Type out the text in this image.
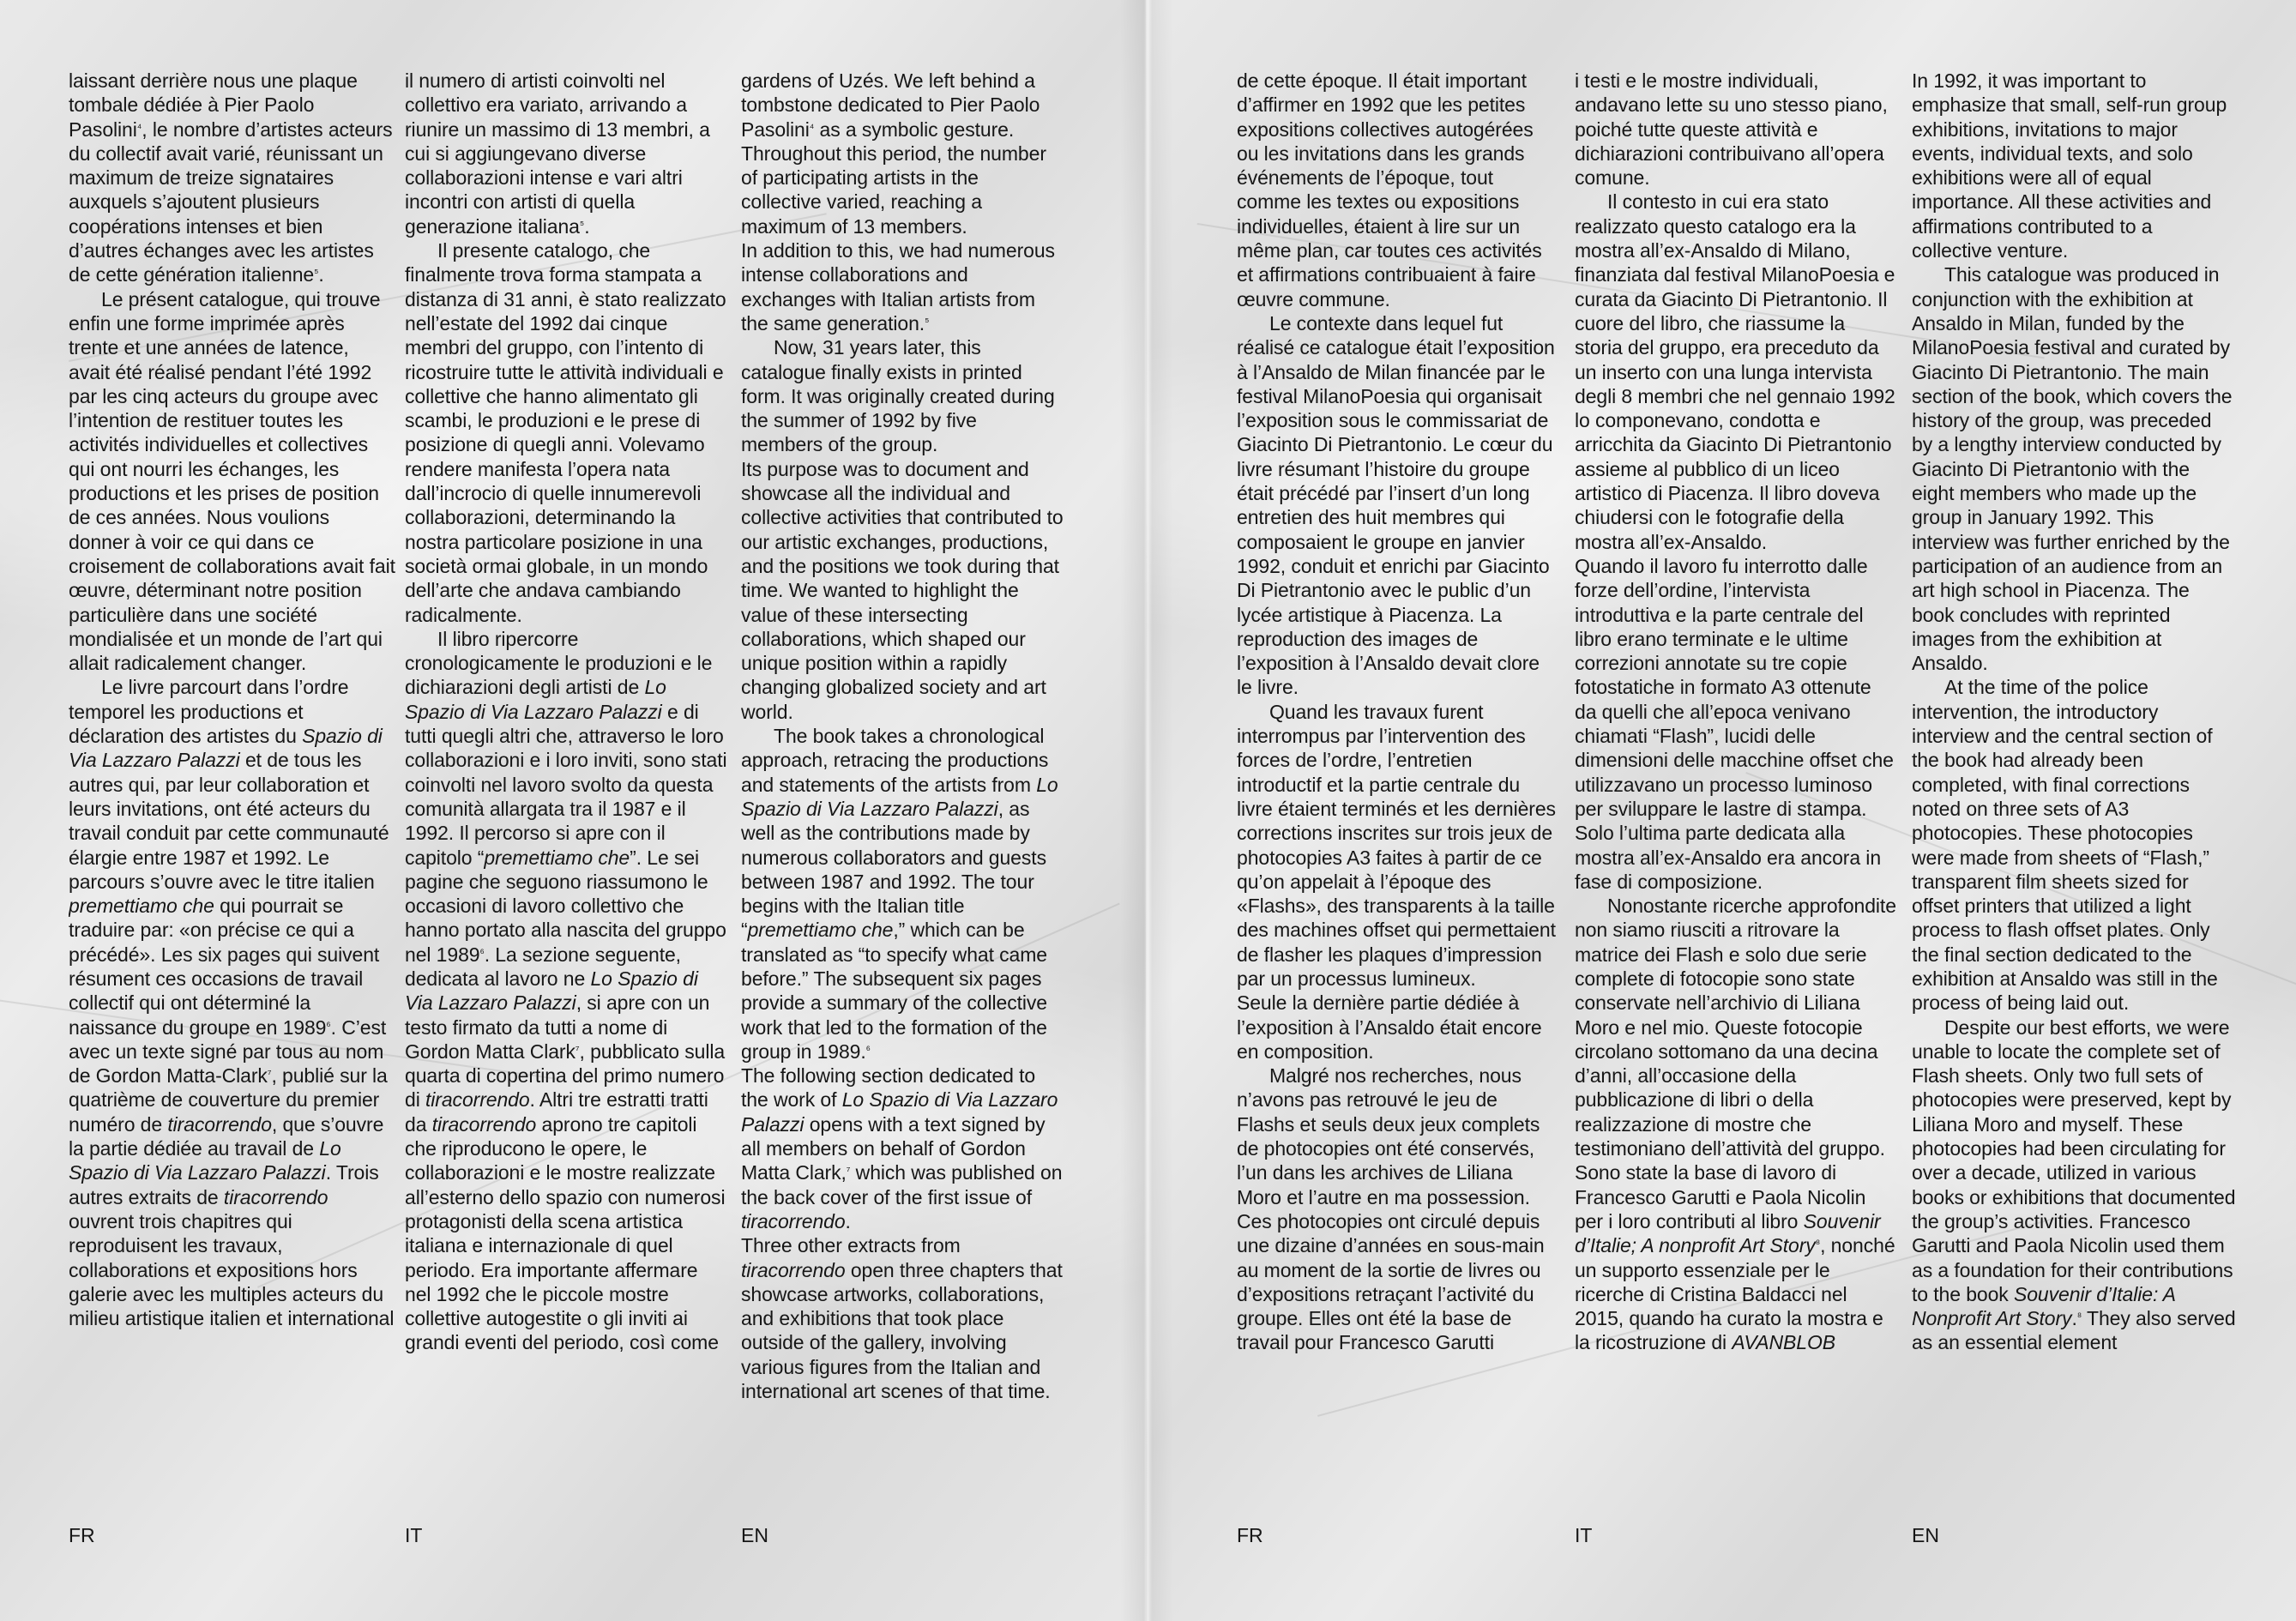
laissant derrière nous une plaque tombale dédiée à Pier Paolo Pasolini$^{^4}$, le nombre d’artistes acteurs du collectif avait varié, réunissant un maximum de treize signataires auxquels s’ajoutent plusieurs coopérations intenses et bien d’autres échanges avec les artistes de cette génération italienne$^{^5}$.

Le présent catalogue, qui trouve enfin une forme imprimée après trente et une années de latence, avait été réalisé pendant l’été 1992 par les cinq acteurs du groupe avec l’intention de restituer toutes les activités individuelles et collectives qui ont nourri les échanges, les productions et les prises de position de ces années. Nous voulions donner à voir ce qui dans ce croisement de collaborations avait fait œuvre, déterminant notre position particulière dans une société mondialisée et un monde de l’art qui allait radicalement changer.

Le livre parcourt dans l’ordre temporel les productions et déclaration des artistes du Spazio di Via Lazzaro Palazzi et de tous les autres qui, par leur collaboration et leurs invitations, ont été acteurs du travail conduit par cette communauté élargie entre 1987 et 1992. Le parcours s’ouvre avec le titre italien premettiamo che qui pourrait se traduire par: «on précise ce qui a précédé». Les six pages qui suivent résument ces occasions de travail collectif qui ont déterminé la naissance du groupe en $1989^{^6}$. C’est avec un texte signé par tous au nom de Gordon Matta-Clark$^{^7}$, publié sur la quatrième de couverture du premier numéro de tiracorrendo, que s’ouvre la partie dédiée au travail de Lo Spazio di Via Lazzaro Palazzi. Trois autres extraits de tiracorrendo ouvrent trois chapitres qui reproduisent les travaux, collaborations et expositions hors galerie avec les multiples acteurs du milieu artistique italien et international

il numero di artisti coinvolti nel collettivo era variato, arrivando a riunire un massimo di 13 membri, a cui si aggiungevano diverse collaborazioni intense e vari altri incontri con artisti di quella generazione italiana$^{^5}$.

Il presente catalogo, che finalmente trova forma stampata a distanza di 31 anni, è stato realizzato nell’estate del 1992 dai cinque membri del gruppo, con l’intento di ricostruire tutte le attività individuali e collettive che hanno alimentato gli scambi, le produzioni e le prese di posizione di quegli anni. Volevamo rendere manifesta l’opera nata dall’incrocio di quelle innumerevoli collaborazioni, determinando la nostra particolare posizione in una società ormai globale, in un mondo dell’arte che andava cambiando radicalmente.

Il libro ripercorre cronologicamente le produzioni e le dichiarazioni degli artisti de Lo Spazio di Via Lazzaro Palazzi e di tutti quegli altri che, attraverso le loro collaborazioni e i loro inviti, sono stati coinvolti nel lavoro svolto da questa comunità allargata tra il 1987 e il 1992. Il percorso si apre con il capitolo “premettiamo che”. Le sei pagine che seguono riassumono le occasioni di lavoro collettivo che hanno portato alla nascita del gruppo nel $1989^{^6}$. La sezione seguente, dedicata al lavoro ne Lo Spazio di Via Lazzaro Palazzi, si apre con un testo firmato da tutti a nome di Gordon Matta Clark$^{^7}$, pubblicato sulla quarta di copertina del primo numero di tiracorrendo. Altri tre estratti tratti da tiracorrendo aprono tre capitoli che riproducono le opere, le collaborazioni e le mostre realizzate all’esterno dello spazio con numerosi protagonisti della scena artistica italiana e internazionale di quel periodo. Era importante affermare nel 1992 che le piccole mostre collettive autogestite o gli inviti ai grandi eventi del periodo, così come

gardens of Uzés. We left behind a tombstone dedicated to Pier Paolo Pasolini$^{^4}$ as a symbolic gesture. Throughout this period, the number of participating artists in the collective varied, reaching a maximum of 13 members.

In addition to this, we had numerous intense collaborations and exchanges with Italian artists from the same generation.$^{^5}$

Now, 31 years later, this catalogue finally exists in printed form. It was originally created during the summer of 1992 by five members of the group.

Its purpose was to document and showcase all the individual and collective activities that contributed to our artistic exchanges, productions, and the positions we took during that time. We wanted to highlight the value of these intersecting collaborations, which shaped our unique position within a rapidly changing globalized society and art world.

The book takes a chronological approach, retracing the productions and statements of the artists from Lo Spazio di Via Lazzaro Palazzi, as well as the contributions made by numerous collaborators and guests between 1987 and 1992. The tour begins with the Italian title “premettiamo che,” which can be translated as “to specify what came before.” The subsequent six pages provide a summary of the collective work that led to the formation of the group in 1989.$^{^6}$

The following section dedicated to the work of Lo Spazio di Via Lazzaro Palazzi opens with a text signed by all members on behalf of Gordon Matta Clark,$^{^7}$ which was published on the back cover of the first issue of tiracorrendo.

Three other extracts from tiracorrendo open three chapters that showcase artworks, collaborations, and exhibitions that took place outside of the gallery, involving various figures from the Italian and international art scenes of that time.

FR	IT	EN

de cette époque. Il était important d’affirmer en 1992 que les petites expositions collectives autogérées ou les invitations dans les grands événements de l’époque, tout comme les textes ou expositions individuelles, étaient à lire sur un même plan, car toutes ces activités et affirmations contribuaient à faire œuvre commune.

Le contexte dans lequel fut réalisé ce catalogue était l’exposition à l’Ansaldo de Milan financée par le festival MilanoPoesia qui organisait l’exposition sous le commissariat de Giacinto Di Pietrantonio. Le cœur du livre résumant l’histoire du groupe était précédé par l’insert d’un long entretien des huit membres qui composaient le groupe en janvier 1992, conduit et enrichi par Giacinto Di Pietrantonio avec le public d’un lycée artistique à Piacenza. La reproduction des images de l’exposition à l’Ansaldo devait clore le livre.

Quand les travaux furent interrompus par l’intervention des forces de l’ordre, l’entretien introductif et la partie centrale du livre étaient terminés et les dernières corrections inscrites sur trois jeux de photocopies A3 faites à partir de ce qu’on appelait à l’époque des «Flashs», des transparents à la taille des machines offset qui permettaient de flasher les plaques d’impression par un processus lumineux.

Seule la dernière partie dédiée à l’exposition à l’Ansaldo était encore en composition.

Malgré nos recherches, nous n’avons pas retrouvé le jeu de Flashs et seuls deux jeux complets de photocopies ont été conservés, l’un dans les archives de Liliana Moro et l’autre en ma possession. Ces photocopies ont circulé depuis une dizaine d’années en sous-main au moment de la sortie de livres ou d’expositions retraçant l’activité du groupe. Elles ont été la base de travail pour Francesco Garutti

i testi e le mostre individuali, andavano lette su uno stesso piano, poiché tutte queste attività e dichiarazioni contribuivano all’opera comune.

Il contesto in cui era stato realizzato questo catalogo era la mostra all’ex-Ansaldo di Milano, finanziata dal festival MilanoPoesia e curata da Giacinto Di Pietrantonio. Il cuore del libro, che riassume la storia del gruppo, era preceduto da un inserto con una lunga intervista degli 8 membri che nel gennaio 1992 lo componevano, condotta e arricchita da Giacinto Di Pietrantonio assieme al pubblico di un liceo artistico di Piacenza. Il libro doveva chiudersi con le fotografie della mostra all’ex-Ansaldo.

Quando il lavoro fu interrotto dalle forze dell’ordine, l’intervista introduttiva e la parte centrale del libro erano terminate e le ultime correzioni annotate su tre copie fotostatiche in formato A3 ottenute da quelli che all’epoca venivano chiamati “Flash”, lucidi delle dimensioni delle macchine offset che utilizzavano un processo luminoso per sviluppare le lastre di stampa. Solo l’ultima parte dedicata alla mostra all’ex-Ansaldo era ancora in fase di composizione.

Nonostante ricerche approfondite non siamo riusciti a ritrovare la matrice dei Flash e solo due serie complete di fotocopie sono state conservate nell’archivio di Liliana Moro e nel mio. Queste fotocopie circolano sottomano da una decina d’anni, all’occasione della pubblicazione di libri o della realizzazione di mostre che testimoniano dell’attività del gruppo. Sono state la base di lavoro di Francesco Garutti e Paola Nicolin per i loro contributi al libro Souvenir d’Italie; A nonprofit Art Story$^{^8}$, nonché un supporto essenziale per le ricerche di Cristina Baldacci nel 2015, quando ha curato la mostra e la ricostruzione di AVANBLOB

In 1992, it was important to emphasize that small, self-run group exhibitions, invitations to major events, individual texts, and solo exhibitions were all of equal importance. All these activities and affirmations contributed to a collective venture.

This catalogue was produced in conjunction with the exhibition at Ansaldo in Milan, funded by the MilanoPoesia festival and curated by Giacinto Di Pietrantonio. The main section of the book, which covers the history of the group, was preceded by a lengthy interview conducted by Giacinto Di Pietrantonio with the eight members who made up the group in January 1992. This interview was further enriched by the participation of an audience from an art high school in Piacenza. The book concludes with reprinted images from the exhibition at Ansaldo.

At the time of the police intervention, the introductory interview and the central section of the book had already been completed, with final corrections noted on three sets of A3 photocopies. These photocopies were made from sheets of “Flash,” transparent film sheets sized for offset printers that utilized a light process to flash offset plates. Only the final section dedicated to the exhibition at Ansaldo was still in the process of being laid out.

Despite our best efforts, we were unable to locate the complete set of Flash sheets. Only two full sets of photocopies were preserved, kept by Liliana Moro and myself. These photocopies had been circulating for over a decade, utilized in various books or exhibitions that documented the group’s activities. Francesco Garutti and Paola Nicolin used them as a foundation for their contributions to the book Souvenir d’Italie: A Nonprofit Art Story.$^{^8}$ They also served as an essential element

FR	IT	EN
